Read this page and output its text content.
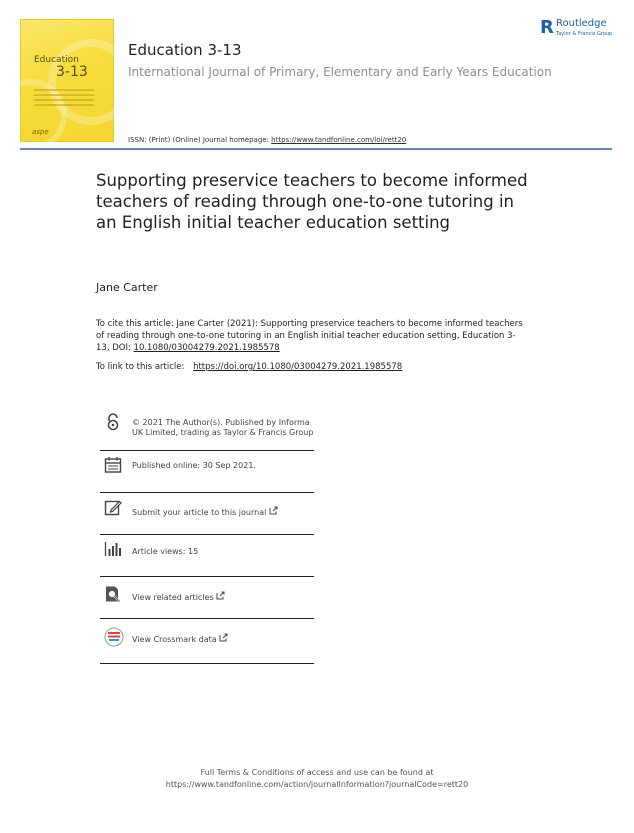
Education
3-13
aspe
Education 3-13
International Journal of Primary, Elementary and Early Years Education
ISSN: (Print) (Online) Journal homepage: https://www.tandfonline.com/loi/rett20
R Routledge
Taylor & Francis Group
Supporting preservice teachers to become informed teachers of reading through one-to-one tutoring in an English initial teacher education setting
Jane Carter
To cite this article: Jane Carter (2021): Supporting preservice teachers to become informed teachers of reading through one-to-one tutoring in an English initial teacher education setting, Education 3-13, DOI: 10.1080/03004279.2021.1985578
To link to this article: https://doi.org/10.1080/03004279.2021.1985578
© 2021 The Author(s). Published by Informa UK Limited, trading as Taylor & Francis Group
Published online: 30 Sep 2021.
Submit your article to this journal
Article views: 15
View related articles
View Crossmark data
Full Terms & Conditions of access and use can be found at
https://www.tandfonline.com/action/journalInformation?journalCode=rett20
